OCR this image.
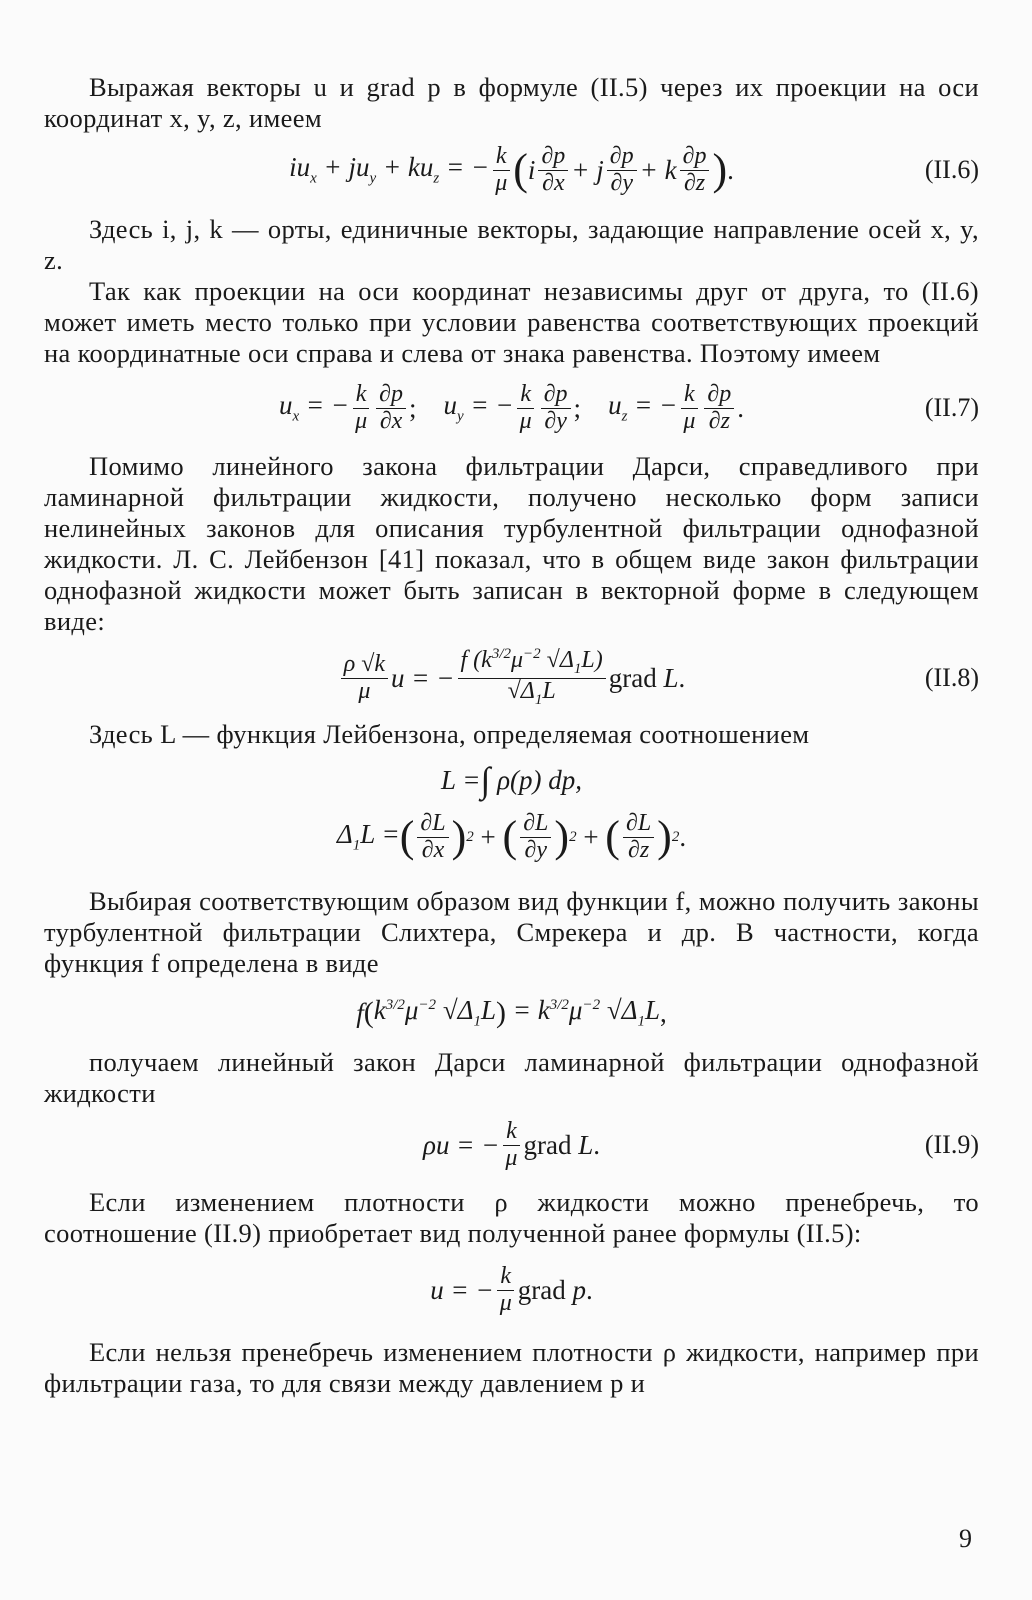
Выражая векторы u и grad p в формуле (II.5) через их проекции на оси координат x, y, z, имеем

$iu_x + ju_y + ku_z$ = − $\frac{k}{\mu}$ ( i $\frac{\partial p}{\partial x} + j \frac{\partial p}{\partial y} + k \frac{\partial p}{\partial z}$ ) .	(II.6)

Здесь i, j, k — орты, единичные векторы, задающие направление осей x, y, z.

Так как проекции на оси координат независимы друг от друга, то (II.6) может иметь место только при условии равенства соответствующих проекций на координатные оси справа и слева от знака равенства. Поэтому имеем

$u_x$ = − $\frac{k}{\mu} \frac{\partial p}{\partial x}$ ; $u_y$ = − $\frac{k}{\mu} \frac{\partial p}{\partial y}$ ; $u_z$ = − $\frac{k}{\mu} \frac{\partial p}{\partial z}$ .	(II.7)

Помимо линейного закона фильтрации Дарси, справедливого при ламинарной фильтрации жидкости, получено несколько форм записи нелинейных законов для описания турбулентной фильтрации однофазной жидкости. Л. С. Лейбензон [41] показал, что в общем виде закон фильтрации однофазной жидкости может быть записан в векторной форме в следующем виде:

$\frac{\rho √k}{\mu}$ u = − $\frac{f (k^{3/2}\mu^{-2} √\Delta_1L)}{√\Delta_1L}$ grad
L .	(II.8)

Здесь L — функция Лейбензона, определяемая соотношением

L = ∫ ρ(p) dp,
$\Delta_1L$ = ( $\frac{\partial L}{\partial x}$ ) 2 + ( $\frac{\partial L}{\partial y}$ ) 2 + ( $\frac{\partial L}{\partial z}$ ) 2 .

Выбирая соответствующим образом вид функции f, можно получить законы турбулентной фильтрации Слихтера, Смрекера и др. В частности, когда функция f определена в виде

f ( $k^{3/2}\mu^{-2}$ $√\Delta_1L$ ) = $k^{3/2}\mu^{-2}$ $√\Delta_1L$ ,

получаем линейный закон Дарси ламинарной фильтрации однофазной жидкости

ρu = − $\frac{k}{\mu}$ grad
L .	(II.9)

Если изменением плотности ρ жидкости можно пренебречь, то соотношение (II.9) приобретает вид полученной ранее формулы (II.5):

u = − $\frac{k}{\mu}$ grad
p .

Если нельзя пренебречь изменением плотности ρ жидкости, например при фильтрации газа, то для связи между давлением p и

9
